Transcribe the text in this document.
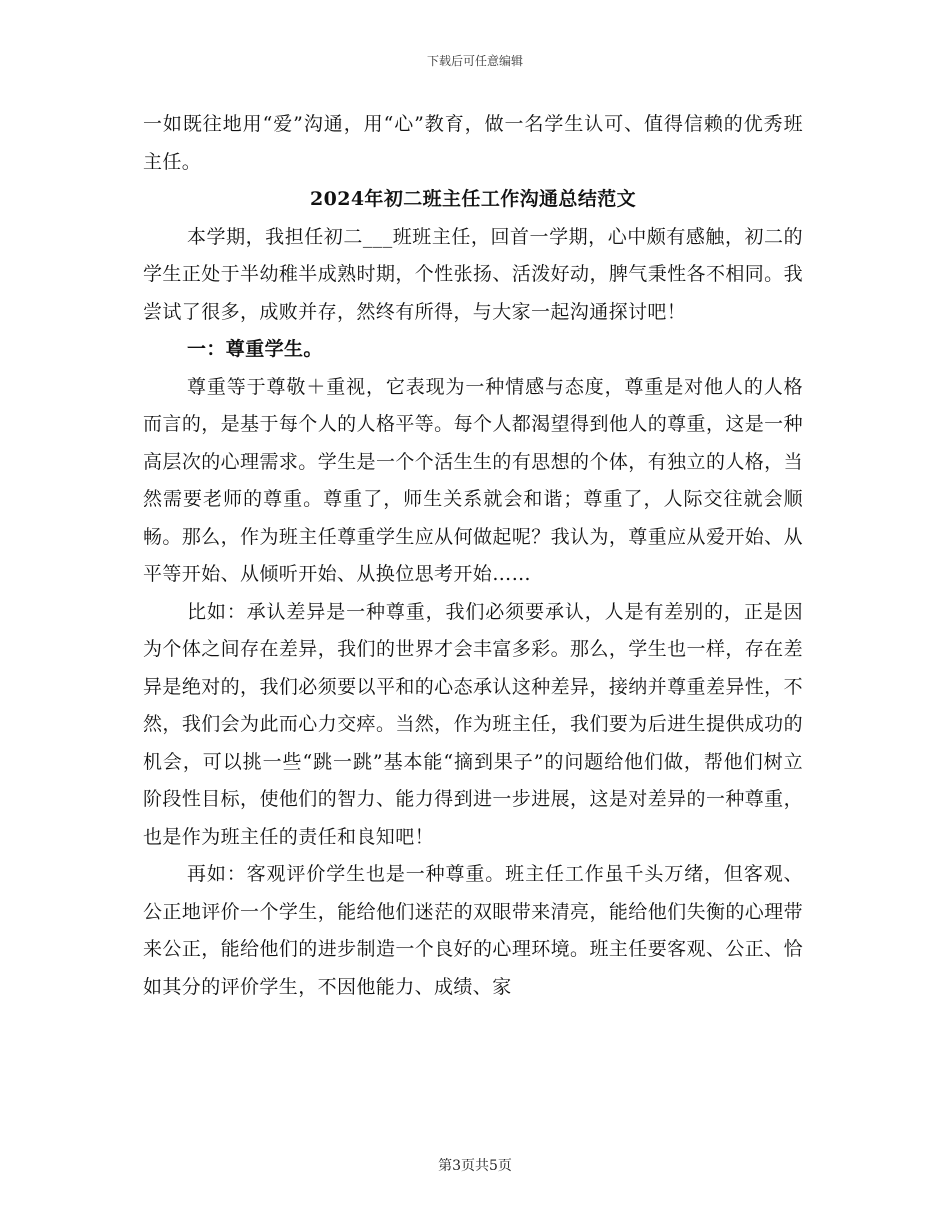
下载后可任意编辑

一如既往地用“爱”沟通，用“心”教育，做一名学生认可、值得信赖的优秀班主任。

2024年初二班主任工作沟通总结范文

本学期，我担任初二___班班主任，回首一学期，心中颇有感触，初二的学生正处于半幼稚半成熟时期，个性张扬、活泼好动，脾气秉性各不相同。我尝试了很多，成败并存，然终有所得，与大家一起沟通探讨吧！

一：尊重学生。

尊重等于尊敬＋重视，它表现为一种情感与态度，尊重是对他人的人格而言的，是基于每个人的人格平等。每个人都渴望得到他人的尊重，这是一种高层次的心理需求。学生是一个个活生生的有思想的个体，有独立的人格，当然需要老师的尊重。尊重了，师生关系就会和谐；尊重了，人际交往就会顺畅。那么，作为班主任尊重学生应从何做起呢？我认为，尊重应从爱开始、从平等开始、从倾听开始、从换位思考开始……

比如：承认差异是一种尊重，我们必须要承认，人是有差别的，正是因为个体之间存在差异，我们的世界才会丰富多彩。那么，学生也一样，存在差异是绝对的，我们必须要以平和的心态承认这种差异，接纳并尊重差异性，不然，我们会为此而心力交瘁。当然，作为班主任，我们要为后进生提供成功的机会，可以挑一些“跳一跳”基本能“摘到果子”的问题给他们做，帮他们树立阶段性目标，使他们的智力、能力得到进一步进展，这是对差异的一种尊重，也是作为班主任的责任和良知吧！

再如：客观评价学生也是一种尊重。班主任工作虽千头万绪，但客观、公正地评价一个学生，能给他们迷茫的双眼带来清亮，能给他们失衡的心理带来公正，能给他们的进步制造一个良好的心理环境。班主任要客观、公正、恰如其分的评价学生，不因他能力、成绩、家

第3页共5页
